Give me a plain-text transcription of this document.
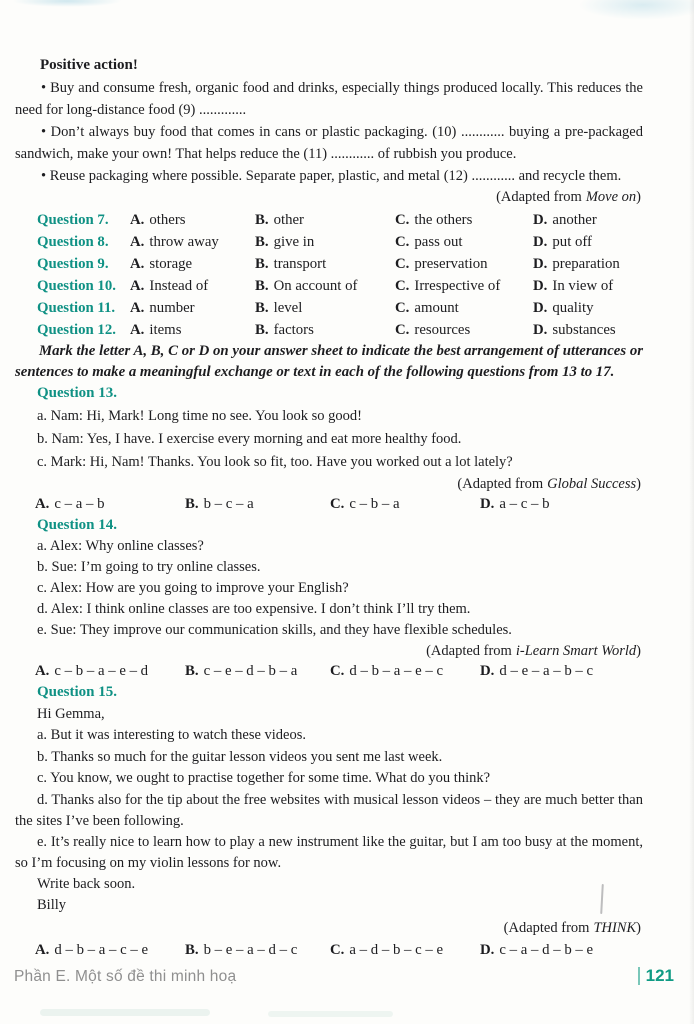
Positive action!

• Buy and consume fresh, organic food and drinks, especially things produced locally. This reduces the need for long-distance food (9) .............

• Don’t always buy food that comes in cans or plastic packaging. (10) ............ buying a pre-packaged sandwich, make your own! That helps reduce the (11) ............ of rubbish you produce.

• Reuse packaging where possible. Separate paper, plastic, and metal (12) ............ and recycle them.

(Adapted from Move on)
Question 7.	A. others	B. other	C. the others	D. another
Question 8.	A. throw away	B. give in	C. pass out	D. put off
Question 9.	A. storage	B. transport	C. preservation	D. preparation
Question 10. A. Instead of	B. On account of	C. Irrespective of	D. In view of
Question 11.	A. number	B. level	C. amount	D. quality
Question 12. A. items	B. factors	C. resources	D. substances

Mark the letter A, B, C or D on your answer sheet to indicate the best arrangement of utterances or sentences to make a meaningful exchange or text in each of the following questions from 13 to 17.

Question 13.
a. Nam: Hi, Mark! Long time no see. You look so good!
b. Nam: Yes, I have. I exercise every morning and eat more healthy food.
c. Mark: Hi, Nam! Thanks. You look so fit, too. Have you worked out a lot lately?
(Adapted from Global Success)
A. c – a – b	B. b – c – a	C. c – b – a	D. a – c – b
Question 14.
a. Alex: Why online classes?
b. Sue: I’m going to try online classes.
c. Alex: How are you going to improve your English?
d. Alex: I think online classes are too expensive. I don’t think I’ll try them.
e. Sue: They improve our communication skills, and they have flexible schedules.
(Adapted from i-Learn Smart World)
A. c – b – a – e – d	B. c – e – d – b – a	C. d – b – a – e – c	D. d – e – a – b – c
Question 15.
Hi Gemma,
a. But it was interesting to watch these videos.
b. Thanks so much for the guitar lesson videos you sent me last week.
c. You know, we ought to practise together for some time. What do you think?

d. Thanks also for the tip about the free websites with musical lesson videos – they are much better than the sites I’ve been following.

e. It’s really nice to learn how to play a new instrument like the guitar, but I am too busy at the moment, so I’m focusing on my violin lessons for now.

Write back soon.
Billy
(Adapted from THINK)
A. d – b – a – c – e	B. b – e – a – d – c	C. a – d – b – c – e	D. c – a – d – b – e
Phần E. Một số đề thi minh hoạ	121
